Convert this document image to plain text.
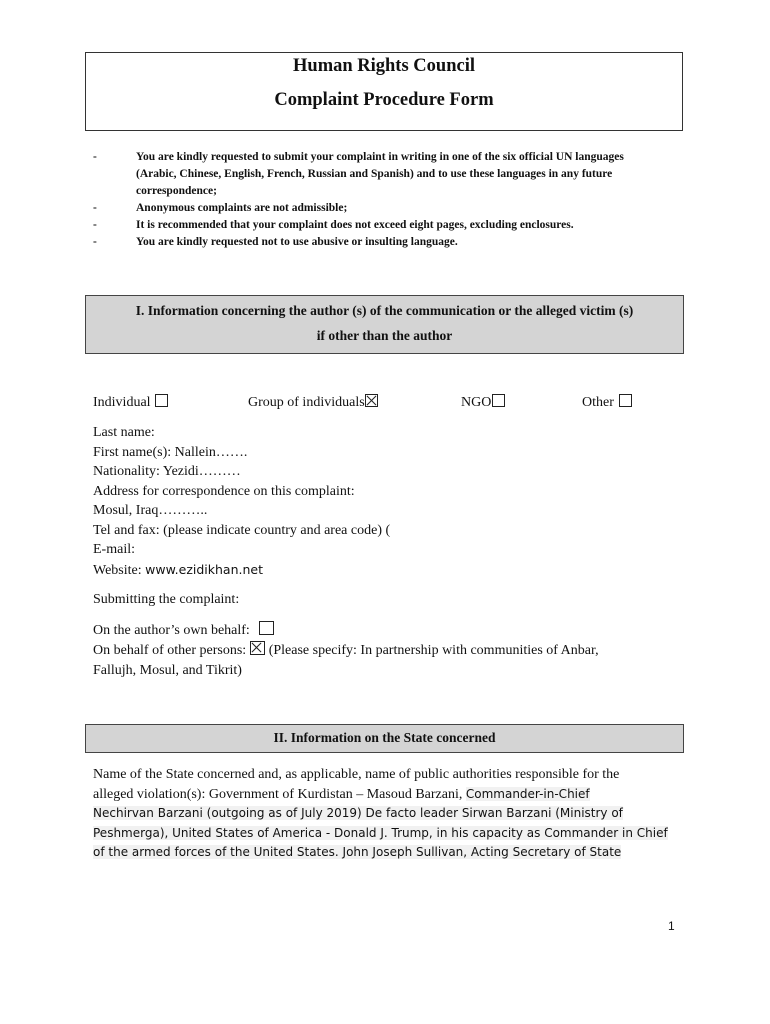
Human Rights Council
Complaint Procedure Form
-	You are kindly requested to submit your complaint in writing in one of the six official UN languages (Arabic, Chinese, English, French, Russian and Spanish) and to use these languages in any future correspondence;
-	Anonymous complaints are not admissible;
-	It is recommended that your complaint does not exceed eight pages, excluding enclosures.
-	You are kindly requested not to use abusive or insulting language.
I. Information concerning the author (s) of the communication or the alleged victim (s)
if other than the author
Individual	Group of individuals	NGO	Other
Last name:
First name(s): Nallein…….
Nationality: Yezidi………
Address for correspondence on this complaint:
Mosul, Iraq………..
Tel and fax: (please indicate country and area code) (
E-mail:
Website: www.ezidikhan.net
Submitting the complaint:
On the author’s own behalf:
On behalf of other persons: (Please specify: In partnership with communities of Anbar,
Fallujh, Mosul, and Tikrit)
II. Information on the State concerned
Name of the State concerned and, as applicable, name of public authorities responsible for the
alleged violation(s): Government of Kurdistan – Masoud Barzani, Commander-in-Chief
Nechirvan Barzani (outgoing as of July 2019) De facto leader Sirwan Barzani (Ministry of
Peshmerga), United States of America - Donald J. Trump, in his capacity as Commander in Chief
of the armed forces of the United States. John Joseph Sullivan, Acting Secretary of State
1
